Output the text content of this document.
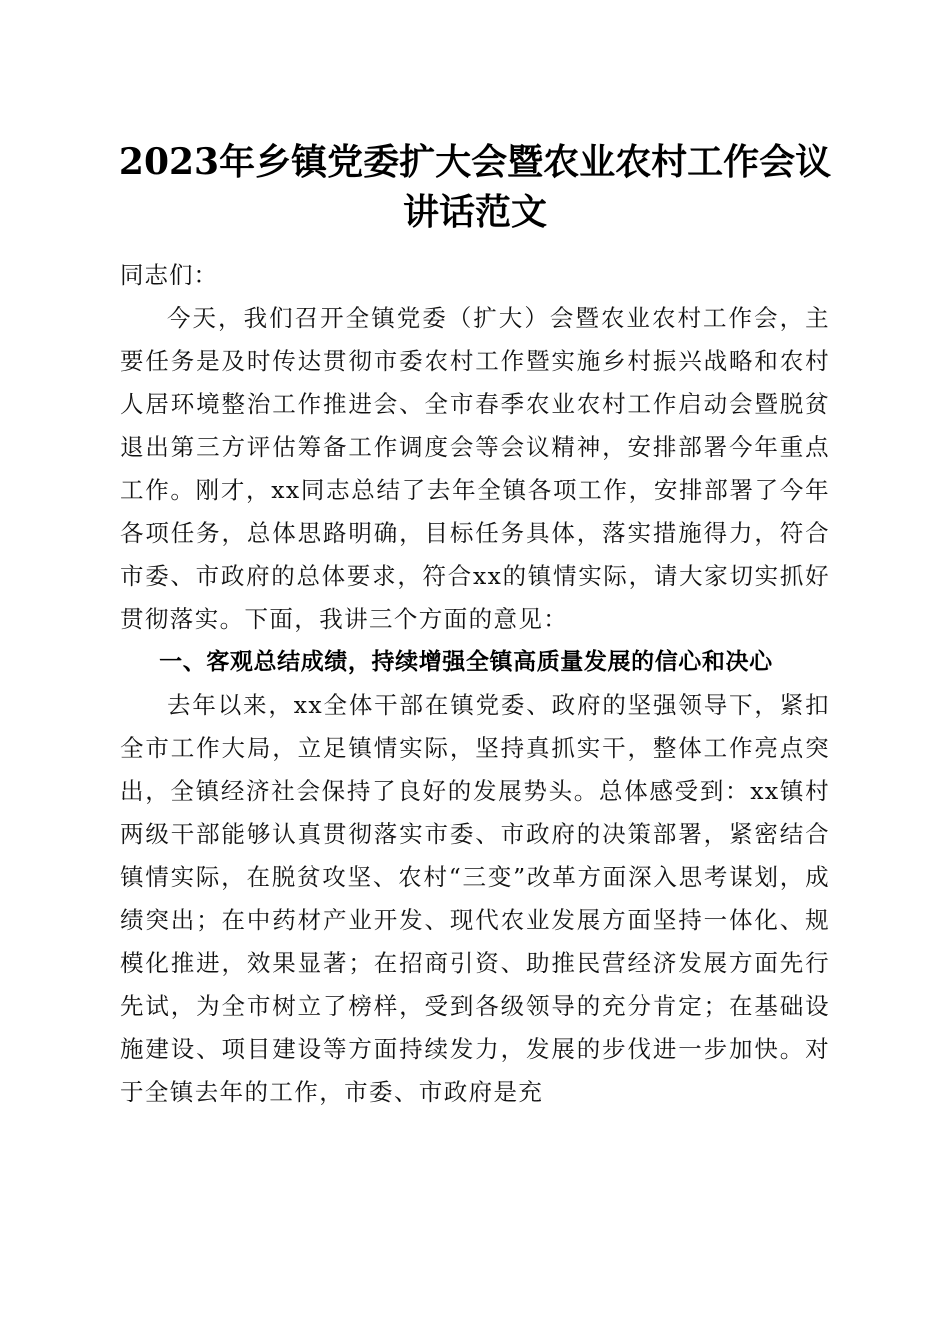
2023年乡镇党委扩大会暨农业农村工作会议
讲话范文

同志们：

今天，我们召开全镇党委（扩大）会暨农业农村工作会，主要任务是及时传达贯彻市委农村工作暨实施乡村振兴战略和农村人居环境整治工作推进会、全市春季农业农村工作启动会暨脱贫退出第三方评估筹备工作调度会等会议精神，安排部署今年重点工作。刚才，xx同志总结了去年全镇各项工作，安排部署了今年各项任务，总体思路明确，目标任务具体，落实措施得力，符合市委、市政府的总体要求，符合xx的镇情实际，请大家切实抓好贯彻落实。下面，我讲三个方面的意见：

一、客观总结成绩，持续增强全镇高质量发展的信心和决心

去年以来，xx全体干部在镇党委、政府的坚强领导下，紧扣全市工作大局，立足镇情实际，坚持真抓实干，整体工作亮点突出，全镇经济社会保持了良好的发展势头。总体感受到：xx镇村两级干部能够认真贯彻落实市委、市政府的决策部署，紧密结合镇情实际，在脱贫攻坚、农村“三变”改革方面深入思考谋划，成绩突出；在中药材产业开发、现代农业发展方面坚持一体化、规模化推进，效果显著；在招商引资、助推民营经济发展方面先行先试，为全市树立了榜样，受到各级领导的充分肯定；在基础设施建设、项目建设等方面持续发力，发展的步伐进一步加快。对于全镇去年的工作，市委、市政府是充
